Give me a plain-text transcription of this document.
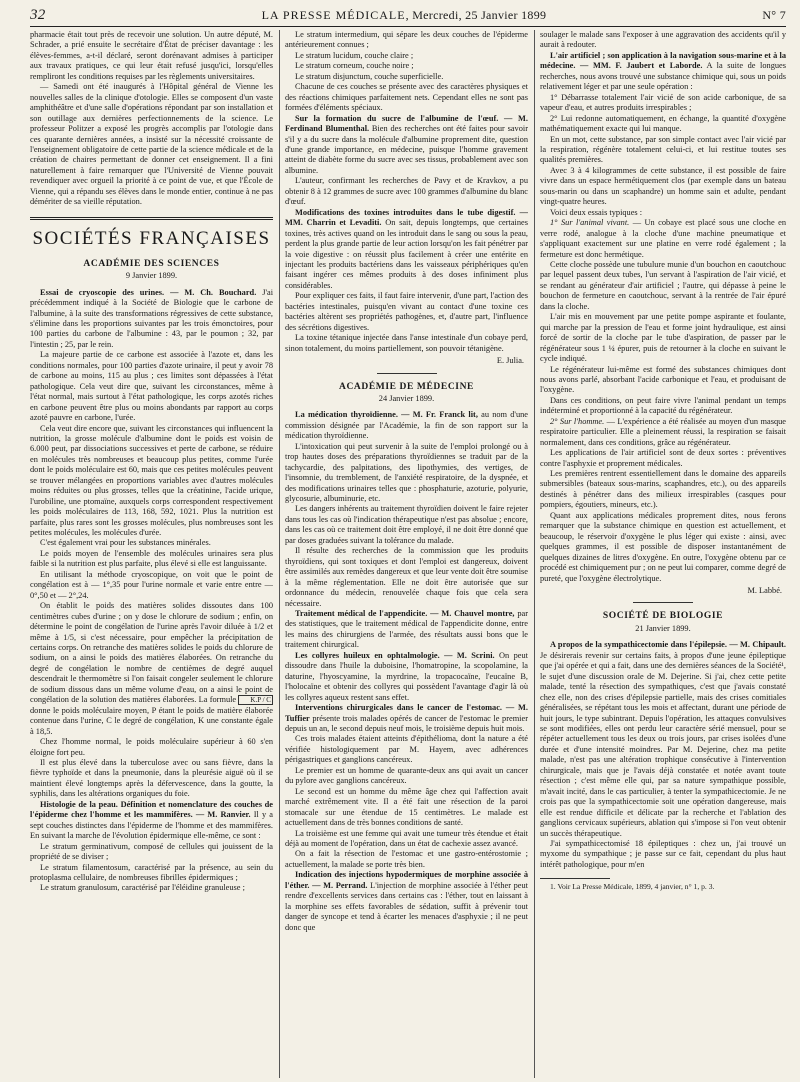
32	LA PRESSE MÉDICALE, Mercredi, 25 Janvier 1899	N° 7

pharmacie était tout près de recevoir une solution. Un autre député, M. Schrader, a prié ensuite le secrétaire d'État de préciser davantage : les élèves-femmes, a-t-il déclaré, seront dorénavant admises à participer aux travaux pratiques, ce qui leur était refusé jusqu'ici, lorsqu'elles rempliront les conditions requises par les règlements universitaires.

— Samedi ont été inaugurés à l'Hôpital général de Vienne les nouvelles salles de la clinique d'otologie. Elles se composent d'un vaste amphithéâtre et d'une salle d'opérations répondant par son installation et son outillage aux dernières perfectionnements de la science. Le professeur Politzer a exposé les progrès accomplis par l'otologie dans ces quarante dernières années, a insisté sur la nécessité croissante de l'enseignement obligatoire de cette partie de la science médicale et de la création de chaires permettant de donner cet enseignement. Il a fini naturellement à faire remarquer que l'Université de Vienne pouvait revendiquer avec orgueil la priorité à ce point de vue, et que l'École de Vienne, qui a répandu ses élèves dans le monde entier, continue à ne pas démériter de sa vieille réputation.

SOCIÉTÉS FRANÇAISES
ACADÉMIE DES SCIENCES
9 Janvier 1899.

Essai de cryoscopie des urines. — M. Ch. Bouchard. J'ai précédemment indiqué à la Société de Biologie que le carbone de l'albumine, à la suite des transformations régressives de cette substance, s'élimine dans les proportions suivantes par les trois émonctoires, pour 100 parties du carbone de l'albumine : 43, par le poumon ; 32, par l'intestin ; 25, par le rein.

La majeure partie de ce carbone est associée à l'azote et, dans les conditions normales, pour 100 parties d'azote urinaire, il peut y avoir 78 de carbone au moins, 115 au plus ; ces limites sont dépassées à l'état pathologique. Cela veut dire que, suivant les circonstances, même à l'état normal, mais surtout à l'état pathologique, les corps azotés riches en carbone peuvent être plus ou moins abondants par rapport au corps azoté pauvre en carbone, l'urée.

Cela veut dire encore que, suivant les circonstances qui influencent la nutrition, la grosse molécule d'albumine dont le poids est voisin de 6.000 peut, par dissociations successives et perte de carbone, se réduire en molécules très nombreuses et beaucoup plus petites, comme l'urée dont le poids moléculaire est 60, mais que ces petites molécules peuvent se trouver mélangées en proportions variables avec d'autres molécules moins réduites ou plus grosses, telles que la créatinine, l'acide urique, l'urobiline, une ptomaïne, auxquels corps correspondent respectivement les poids moléculaires de 113, 168, 592, 1021. Plus la nutrition est parfaite, plus rares sont les grosses molécules, plus nombreuses sont les petites molécules, les molécules d'urée.

C'est également vrai pour les substances minérales.

Le poids moyen de l'ensemble des molécules urinaires sera plus faible si la nutrition est plus parfaite, plus élevé si elle est languissante.

En utilisant la méthode cryoscopique, on voit que le point de congélation est à — 1°,35 pour l'urine normale et varie entre entre — 0°,50 et — 2°,24.

On établit le poids des matières solides dissoutes dans 100 centimètres cubes d'urine ; on y dose le chlorure de sodium ; enfin, on détermine le point de congélation de l'urine après l'avoir diluée à 1/2 et même à 1/5, si c'est nécessaire, pour empêcher la précipitation de certains corps. On retranche des matières solides le poids du chlorure de sodium, on a ainsi le poids des matières élaborées. On retranche du degré de congélation le nombre de centièmes de degré auquel descendrait le thermomètre si l'on faisait congeler seulement le chlorure de sodium dissous dans un même volume d'eau, on a ainsi le point de congélation de la solution des matières élaborées. La formule K.P / C donne le poids moléculaire moyen, P étant le poids de matière élaborée contenue dans l'urine, C le degré de congélation, K une constante égale à 18,5.

Chez l'homme normal, le poids moléculaire supérieur à 60 s'en éloigne fort peu.

Il est plus élevé dans la tuberculose avec ou sans fièvre, dans la fièvre typhoïde et dans la pneumonie, dans la pleurésie aiguë où il se maintient élevé longtemps après la défervescence, dans la goutte, la syphilis, dans les altérations organiques du foie.

Histologie de la peau. Définition et nomenclature des couches de l'épiderme chez l'homme et les mammifères. — M. Ranvier. Il y a sept couches distinctes dans l'épiderme de l'homme et des mammifères. En suivant la marche de l'évolution épidermique elle-même, ce sont :

Le stratum germinativum, composé de cellules qui jouissent de la propriété de se diviser ;

Le stratum filamentosum, caractérisé par la présence, au sein du protoplasma cellulaire, de nombreuses fibrilles épidermiques ;

Le stratum granulosum, caractérisé par l'éléidine granuleuse ;

Le stratum intermedium, qui sépare les deux couches de l'épiderme antérieurement connues ;

Le stratum lucidum, couche claire ;

Le stratum corneum, couche noire ;

Le stratum disjunctum, couche superficielle.

Chacune de ces couches se présente avec des caractères physiques et des réactions chimiques parfaitement nets. Cependant elles ne sont pas formées d'éléments spéciaux.

Sur la formation du sucre de l'albumine de l'œuf. — M. Ferdinand Blumenthal. Bien des recherches ont été faites pour savoir s'il y a du sucre dans la molécule d'albumine proprement dite, question d'une grande importance, en médecine, puisque l'homme gravement atteint de diabète forme du sucre avec ses tissus, probablement avec son albumine.

L'auteur, confirmant les recherches de Pavy et de Kravkov, a pu obtenir 8 à 12 grammes de sucre avec 100 grammes d'albumine du blanc d'œuf.

Modifications des toxines introduites dans le tube digestif. — MM. Charrin et Levaditi. On sait, depuis longtemps, que certaines toxines, très actives quand on les introduit dans le sang ou sous la peau, perdent la plus grande partie de leur action lorsqu'on les fait pénétrer par la voie digestive : on réussit plus facilement à créer une entérite en injectant les produits bactériens dans les vaisseaux périphériques qu'en faisant ingérer ces mêmes produits à des doses infiniment plus considérables.

Pour expliquer ces faits, il faut faire intervenir, d'une part, l'action des bactéries intestinales, puisqu'en vivant au contact d'une toxine ces bactéries altèrent ses propriétés pathogènes, et, d'autre part, l'influence des sécrétions digestives.

La toxine tétanique injectée dans l'anse intestinale d'un cobaye perd, sinon totalement, du moins partiellement, son pouvoir tétanigène.

E. Julia.
ACADÉMIE DE MÉDECINE
24 Janvier 1899.

La médication thyroïdienne. — M. Fr. Franck lit, au nom d'une commission désignée par l'Académie, la fin de son rapport sur la médication thyroïdienne.

L'intoxication qui peut survenir à la suite de l'emploi prolongé ou à trop hautes doses des préparations thyroïdiennes se traduit par de la tachycardie, des palpitations, des lipothymies, des vertiges, de l'insomnie, du tremblement, de l'anxiété respiratoire, de la dyspnée, et des modifications urinaires telles que : phosphaturie, azoturie, polyurie, glycosurie, albuminurie, etc.

Les dangers inhérents au traitement thyroïdien doivent le faire rejeter dans tous les cas où l'indication thérapeutique n'est pas absolue ; encore, dans les cas où ce traitement doit être employé, il ne doit être donné que par doses graduées suivant la tolérance du malade.

Il résulte des recherches de la commission que les produits thyroïdiens, qui sont toxiques et dont l'emploi est dangereux, doivent être assimilés aux remèdes dangereux et que leur vente doit être soumise à la même réglementation. Elle ne doit être autorisée que sur ordonnance du médecin, renouvelée chaque fois que cela sera nécessaire.

Traitement médical de l'appendicite. — M. Chauvel montre, par des statistiques, que le traitement médical de l'appendicite donne, entre les mains des chirurgiens de l'armée, des résultats aussi bons que le traitement chirurgical.

Les collyres huileux en ophtalmologie. — M. Scrini. On peut dissoudre dans l'huile la duboisine, l'homatropine, la scopolamine, la daturine, l'hyoscyamine, la myrdrine, la tropacocaïne, l'eucaïne B, l'holocaïne et obtenir des collyres qui possèdent l'avantage d'agir là où les collyres aqueux restent sans effet.

Interventions chirurgicales dans le cancer de l'estomac. — M. Tuffier présente trois malades opérés de cancer de l'estomac le premier depuis un an, le second depuis neuf mois, le troisième depuis huit mois.

Ces trois malades étaient atteints d'épithélioma, dont la nature a été vérifiée histologiquement par M. Hayem, avec adhérences périgastriques et ganglions cancéreux.

Le premier est un homme de quarante-deux ans qui avait un cancer du pylore avec ganglions cancéreux.

Le second est un homme du même âge chez qui l'affection avait marché extrêmement vite. Il a été fait une résection de la paroi stomacale sur une étendue de 15 centimètres. Le malade est actuellement dans de très bonnes conditions de santé.

La troisième est une femme qui avait une tumeur très étendue et était déjà au moment de l'opération, dans un état de cachexie assez avancé.

On a fait la résection de l'estomac et une gastro-entérostomie ; actuellement, la malade se porte très bien.

Indication des injections hypodermiques de morphine associée à l'éther. — M. Perrand. L'injection de morphine associée à l'éther peut rendre d'excellents services dans certains cas : l'éther, tout en laissant à la morphine ses effets favorables de sédation, suffit à prévenir tout danger de syncope et tend à écarter les menaces d'asphyxie ; il ne peut donc que

soulager le malade sans l'exposer à une aggravation des accidents qu'il y aurait à redouter.

L'air artificiel ; son application à la navigation sous-marine et à la médecine. — MM. F. Jaubert et Laborde. A la suite de longues recherches, nous avons trouvé une substance chimique qui, sous un poids relativement léger et par une seule opération :

1° Débarrasse totalement l'air vicié de son acide carbonique, de sa vapeur d'eau, et autres produits irrespirables ;

2° Lui redonne automatiquement, en échange, la quantité d'oxygène mathématiquement exacte qui lui manque.

En un mot, cette substance, par son simple contact avec l'air vicié par la respiration, régénère totalement celui-ci, et lui restitue toutes ses qualités premières.

Avec 3 à 4 kilogrammes de cette substance, il est possible de faire vivre dans un espace hermétiquement clos (par exemple dans un bateau sous-marin ou dans un scaphandre) un homme sain et adulte, pendant vingt-quatre heures.

Voici deux essais typiques :

1° Sur l'animal vivant. — Un cobaye est placé sous une cloche en verre rodé, analogue à la cloche d'une machine pneumatique et s'appliquant exactement sur une platine en verre rodé également ; la fermeture est donc hermétique.

Cette cloche possède une tubulure munie d'un bouchon en caoutchouc par lequel passent deux tubes, l'un servant à l'aspiration de l'air vicié, et se rendant au générateur d'air artificiel ; l'autre, qui dépasse à peine le bouchon de fermeture en caoutchouc, servant à la rentrée de l'air épuré dans la cloche.

L'air mis en mouvement par une petite pompe aspirante et foulante, qui marche par la pression de l'eau et forme joint hydraulique, est ainsi forcé de sortir de la cloche par le tube d'aspiration, de passer par le régénérateur sous 1 ¼ épurer, puis de retourner à la cloche en suivant le cycle indiqué.

Le régénérateur lui-même est formé des substances chimiques dont nous avons parlé, absorbant l'acide carbonique et l'eau, et produisant de l'oxygène.

Dans ces conditions, on peut faire vivre l'animal pendant un temps indéterminé et proportionné à la capacité du régénérateur.

2° Sur l'homme. — L'expérience a été réalisée au moyen d'un masque respiratoire particulier. Elle a pleinement réussi, la respiration se faisait normalement, dans ces conditions, grâce au régénérateur.

Les applications de l'air artificiel sont de deux sortes : préventives contre l'asphyxie et proprement médicales.

Les premières rentrent essentiellement dans le domaine des appareils submersibles (bateaux sous-marins, scaphandres, etc.), ou des appareils destinés à pénétrer dans des milieux irrespirables (casques pour pompiers, égoutiers, mineurs, etc.).

Quant aux applications médicales proprement dites, nous ferons remarquer que la substance chimique en question est actuellement, et beaucoup, le réservoir d'oxygène le plus léger qui existe : ainsi, avec quelques grammes, il est possible de disposer instantanément de quelques dizaines de litres d'oxygène. En outre, l'oxygène obtenu par ce procédé est chimiquement pur ; on ne peut lui comparer, comme degré de pureté, que l'oxygène électrolytique.

M. Labbé.
SOCIÉTÉ DE BIOLOGIE
21 Janvier 1899.

A propos de la sympathicectomie dans l'épilepsie. — M. Chipault. Je désirerais revenir sur certains faits, à propos d'une jeune épileptique que j'ai opérée et qui a fait, dans une des dernières séances de la Société¹, le sujet d'une discussion orale de M. Dejerine. Si j'ai, chez cette petite malade, tenté la résection des sympathiques, c'est que j'avais constaté chez elle, non des crises d'épilepsie partielle, mais des crises comitiales généralisées, se répétant tous les mois et affectant, durant une période de huit jours, le type subintrant. Depuis l'opération, les attaques convulsives se sont modifiées, elles ont perdu leur caractère sérié mensuel, pour se répéter actuellement tous les deux ou trois jours, par crises isolées d'une durée et d'une intensité moindres. Par M. Dejerine, chez ma petite malade, n'est pas une altération trophique consécutive à l'intervention chirurgicale, mais que je l'avais déjà constatée et notée avant toute résection ; c'est même elle qui, par sa nature sympathique possible, m'avait incité, dans le cas particulier, à tenter la sympathicectomie. Je ne crois pas que la sympathicectomie soit une opération dangereuse, mais elle est rendue difficile et délicate par la recherche et l'ablation des ganglions cervicaux supérieurs, ablation qui s'impose si l'on veut obtenir un succès thérapeutique.

J'ai sympathicectomisé 18 épileptiques : chez un, j'ai trouvé un myxome du sympathique ; je passe sur ce fait, cependant du plus haut intérêt pathologique, pour m'en

1. Voir La Presse Médicale, 1899, 4 janvier, n° 1, p. 3.
